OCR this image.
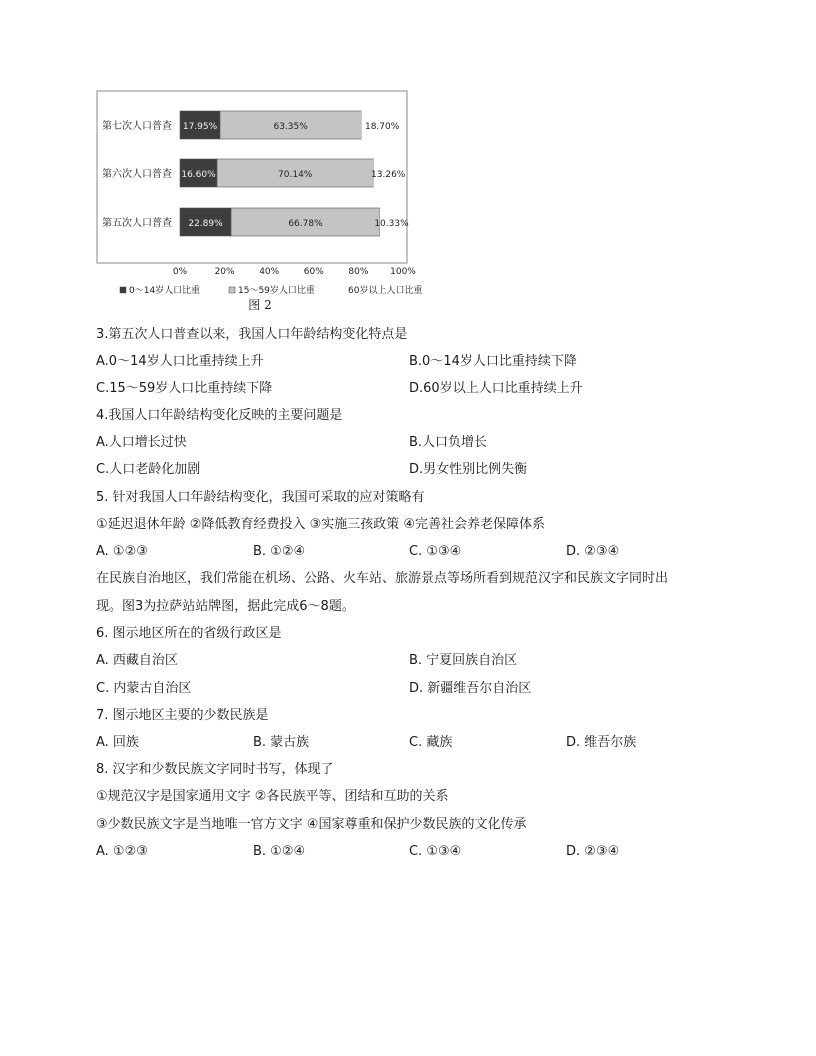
第七次人口普查 17.95%	63.35%	18.70%
第六次人口普查 16.60%	70.14%	13.26%
第五次人口普查 22.89%	66.78%	10.33%
0%	20%	40%	60%	80% 100%
0～14岁人口比重	15～59岁人口比重	60岁以上人口比重
图 2
3.第五次人口普查以来，我国人口年龄结构变化特点是
A.0～14岁人口比重持续上升	B.0～14岁人口比重持续下降
C.15～59岁人口比重持续下降	D.60岁以上人口比重持续上升
4.我国人口年龄结构变化反映的主要问题是
A.人口增长过快	B.人口负增长
C.人口老龄化加剧	D.男女性别比例失衡
5. 针对我国人口年龄结构变化，我国可采取的应对策略有
①延迟退休年龄 ②降低教育经费投入 ③实施三孩政策 ④完善社会养老保障体系
A. ①②③	B. ①②④	C. ①③④	D. ②③④
在民族自治地区，我们常能在机场、公路、火车站、旅游景点等场所看到规范汉字和民族文字同时出
现。图3为拉萨站站牌图，据此完成6～8题。
6. 图示地区所在的省级行政区是
A. 西藏自治区	B. 宁夏回族自治区
C. 内蒙古自治区	D. 新疆维吾尔自治区
7. 图示地区主要的少数民族是
A. 回族	B. 蒙古族	C. 藏族	D. 维吾尔族
8. 汉字和少数民族文字同时书写，体现了
①规范汉字是国家通用文字 ②各民族平等、团结和互助的关系
③少数民族文字是当地唯一官方文字 ④国家尊重和保护少数民族的文化传承
A. ①②③	B. ①②④	C. ①③④	D. ②③④
